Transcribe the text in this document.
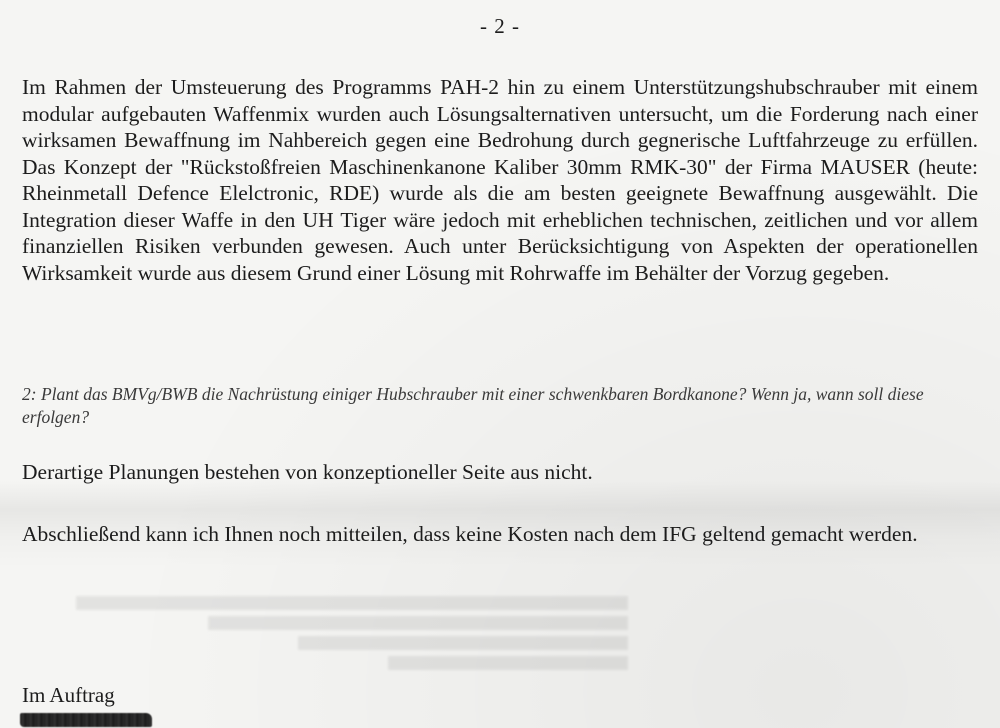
- 2 -
Im Rahmen der Umsteuerung des Programms PAH-2 hin zu einem Unterstützungshubschrauber mit einem modular aufgebauten Waffenmix wurden auch Lösungsalternativen untersucht, um die Forderung nach einer wirksamen Bewaffnung im Nahbereich gegen eine Bedrohung durch gegnerische Luftfahrzeuge zu erfüllen. Das Konzept der "Rückstoßfreien Maschinenkanone Kaliber 30mm RMK-30" der Firma MAUSER (heute: Rheinmetall Defence Elelctronic, RDE) wurde als die am besten geeignete Bewaffnung ausgewählt. Die Integration dieser Waffe in den UH Tiger wäre jedoch mit erheblichen technischen, zeitlichen und vor allem finanziellen Risiken verbunden gewesen. Auch unter Berücksichtigung von Aspekten der operationellen Wirksamkeit wurde aus diesem Grund einer Lösung mit Rohrwaffe im Behälter der Vorzug gegeben.
2: Plant das BMVg/BWB die Nachrüstung einiger Hubschrauber mit einer schwenkbaren Bordkanone? Wenn ja, wann soll diese erfolgen?
Derartige Planungen bestehen von konzeptioneller Seite aus nicht.
Abschließend kann ich Ihnen noch mitteilen, dass keine Kosten nach dem IFG geltend gemacht werden.
Im Auftrag
